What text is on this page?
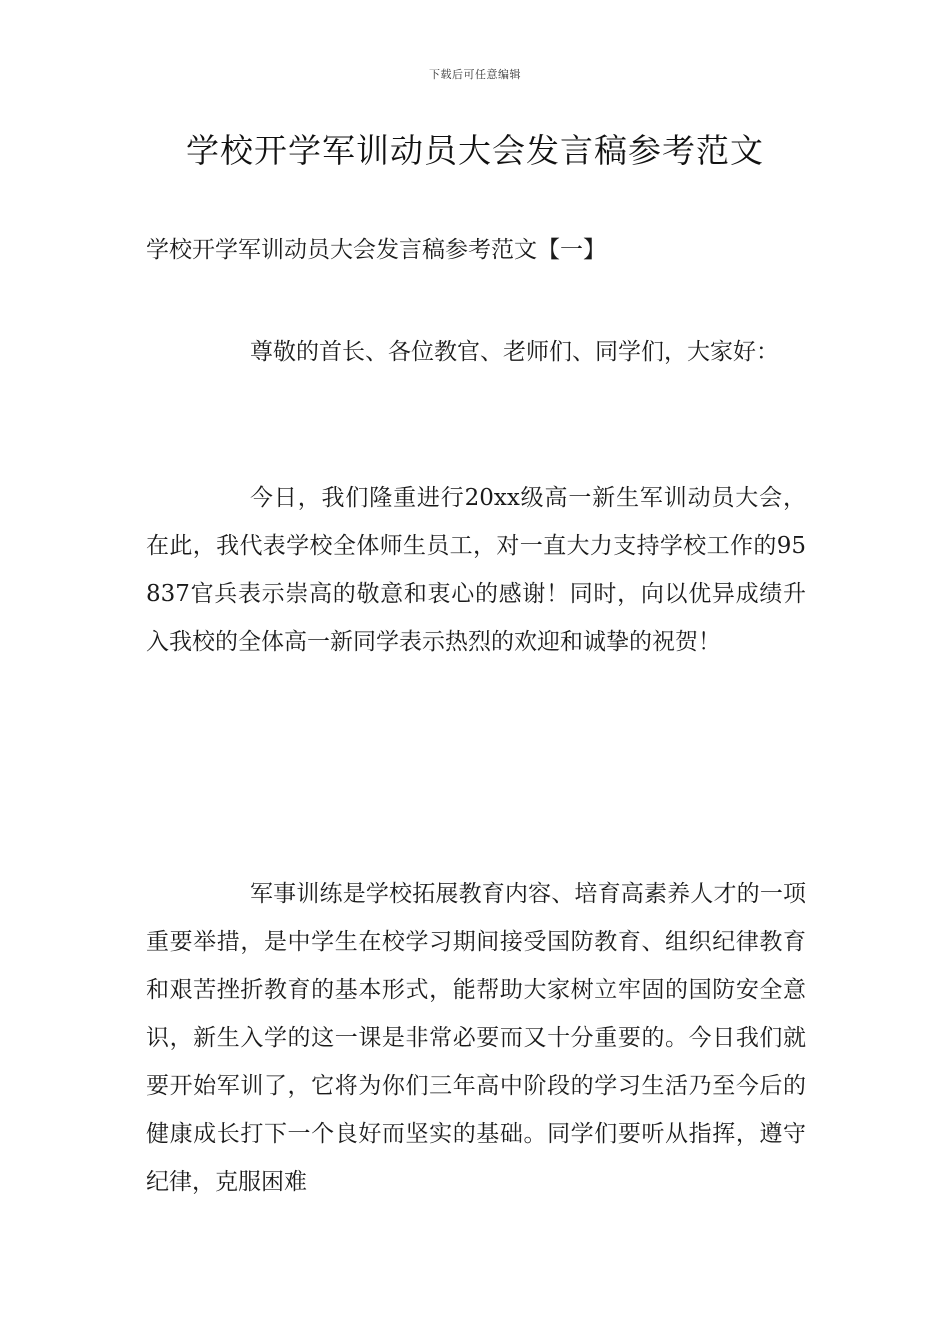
下载后可任意编辑
学校开学军训动员大会发言稿参考范文

学校开学军训动员大会发言稿参考范文【一】

尊敬的首长、各位教官、老师们、同学们，大家好：

今日，我们隆重进行20xx级高一新生军训动员大会，在此，我代表学校全体师生员工，对一直大力支持学校工作的95837官兵表示崇高的敬意和衷心的感谢！同时，向以优异成绩升入我校的全体高一新同学表示热烈的欢迎和诚挚的祝贺！

军事训练是学校拓展教育内容、培育高素养人才的一项重要举措，是中学生在校学习期间接受国防教育、组织纪律教育和艰苦挫折教育的基本形式，能帮助大家树立牢固的国防安全意识，新生入学的这一课是非常必要而又十分重要的。今日我们就要开始军训了，它将为你们三年高中阶段的学习生活乃至今后的健康成长打下一个良好而坚实的基础。同学们要听从指挥，遵守纪律，克服困难
